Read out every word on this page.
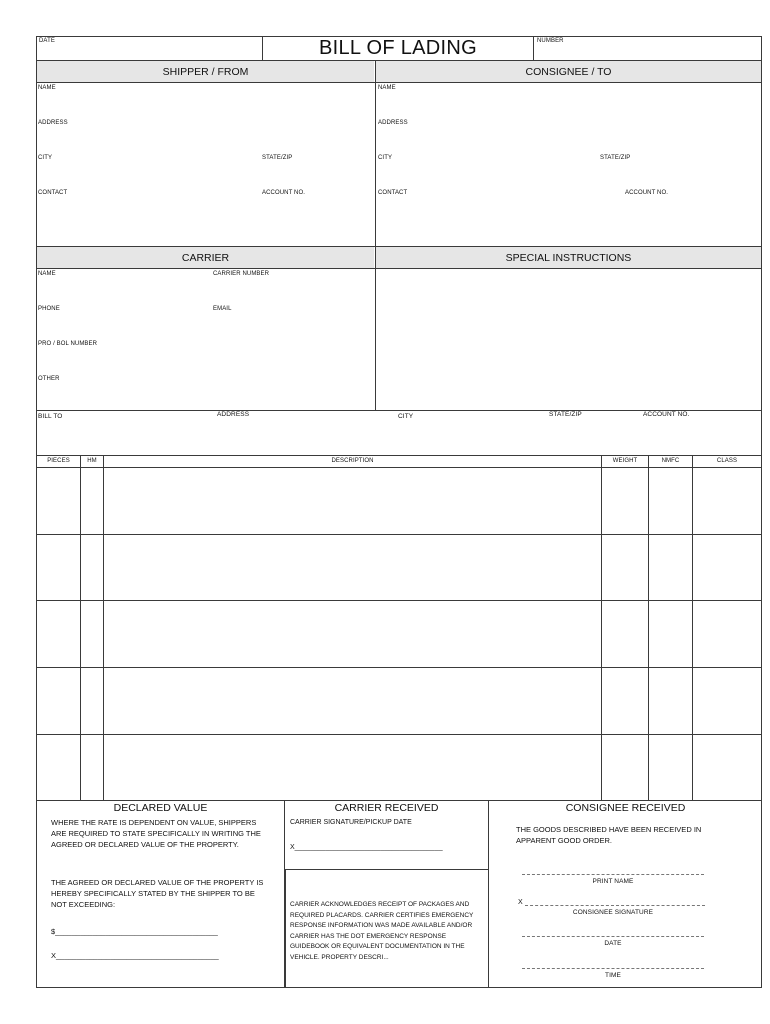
DATE	BILL OF LADING	NUMBER
SHIPPER / FROM
NAME
ADDRESS
CITY	STATE/ZIP
CONTACT	ACCOUNT NO.
CONSIGNEE / TO
NAME
ADDRESS
CITY	STATE/ZIP
CONTACT	ACCOUNT NO.
CARRIER
NAME	CARRIER NUMBER
PHONE	EMAIL
PRO / BOL NUMBER
OTHER
SPECIAL INSTRUCTIONS
BILL TO	ADDRESS	CITY	STATE/ZIP	ACCOUNT NO.
PIECES	HM	DESCRIPTION	WEIGHT	NMFC	CLASS
DECLARED VALUE
WHERE THE RATE IS DEPENDENT ON VALUE, SHIPPERS ARE REQUIRED TO STATE SPECIFICALLY IN WRITING THE AGREED OR DECLARED VALUE OF THE PROPERTY.
THE AGREED OR DECLARED VALUE OF THE PROPERTY IS HEREBY SPECIFICALLY STATED BY THE SHIPPER TO BE NOT EXCEEDING:
$_______________________________________
X_______________________________________
CARRIER RECEIVED
CARRIER SIGNATURE/PICKUP DATE
X______________________________________
CARRIER ACKNOWLEDGES RECEIPT OF PACKAGES AND REQUIRED PLACARDS. CARRIER CERTIFIES EMERGENCY RESPONSE INFORMATION WAS MADE AVAILABLE AND/OR CARRIER HAS THE DOT EMERGENCY RESPONSE GUIDEBOOK OR EQUIVALENT DOCUMENTATION IN THE VEHICLE. PROPERTY DESCRI...
CONSIGNEE RECEIVED
THE GOODS DESCRIBED HAVE BEEN RECEIVED IN APPARENT GOOD ORDER.
PRINT NAME
X
CONSIGNEE SIGNATURE
DATE
TIME
